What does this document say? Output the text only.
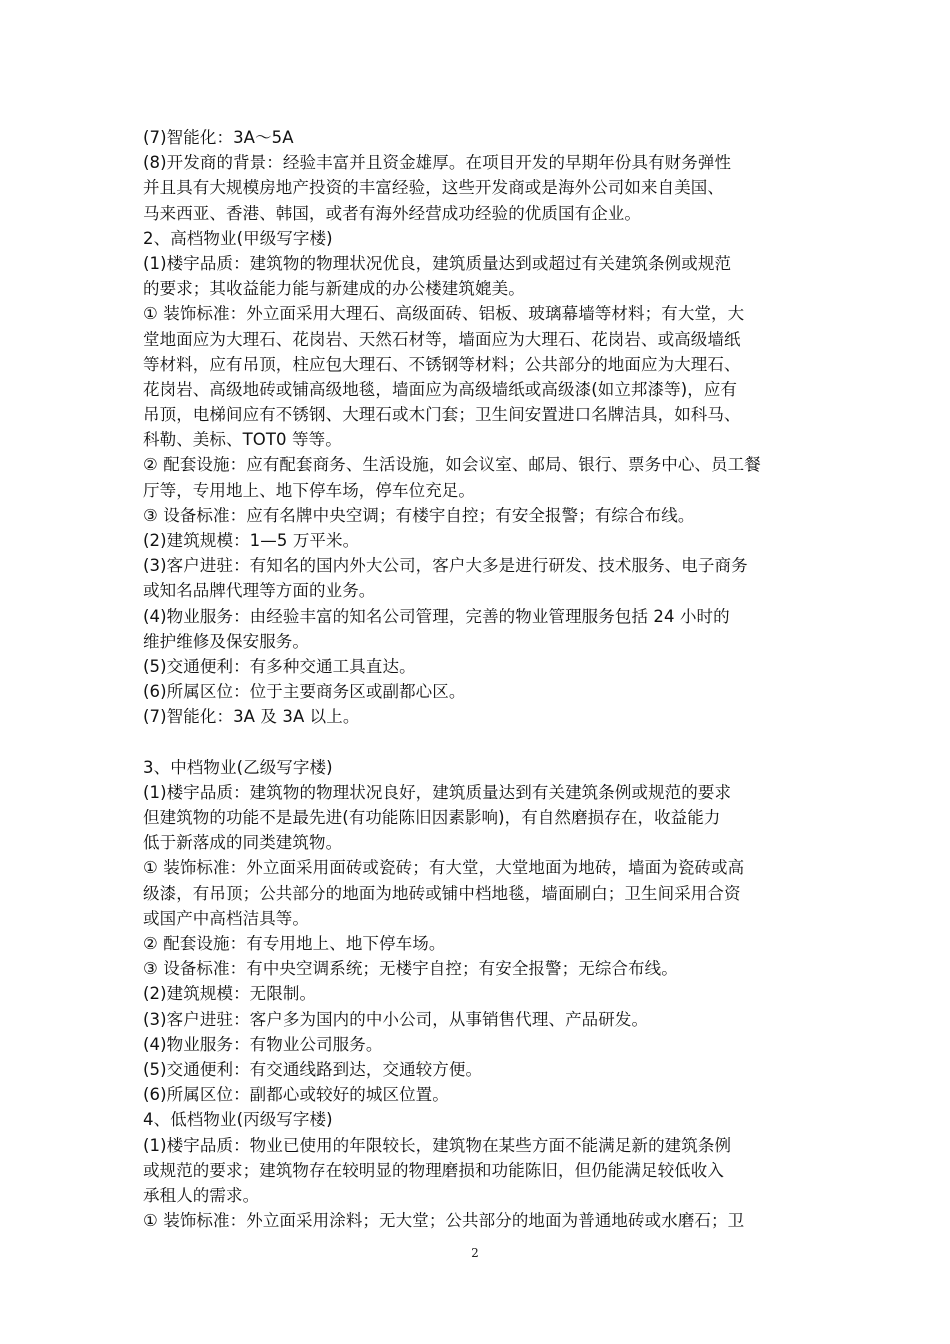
(7)智能化：3A～5A
(8)开发商的背景：经验丰富并且资金雄厚。在项目开发的早期年份具有财务弹性
并且具有大规模房地产投资的丰富经验，这些开发商或是海外公司如来自美国、
马来西亚、香港、韩国，或者有海外经营成功经验的优质国有企业。
2、高档物业(甲级写字楼)
(1)楼宇品质：建筑物的物理状况优良，建筑质量达到或超过有关建筑条例或规范
的要求；其收益能力能与新建成的办公楼建筑媲美。
① 装饰标准：外立面采用大理石、高级面砖、铝板、玻璃幕墙等材料；有大堂，大
堂地面应为大理石、花岗岩、天然石材等，墙面应为大理石、花岗岩、或高级墙纸
等材料，应有吊顶，柱应包大理石、不锈钢等材料；公共部分的地面应为大理石、
花岗岩、高级地砖或铺高级地毯，墙面应为高级墙纸或高级漆(如立邦漆等)，应有
吊顶，电梯间应有不锈钢、大理石或木门套；卫生间安置进口名牌洁具，如科马、
科勒、美标、TOT0 等等。
② 配套设施：应有配套商务、生活设施，如会议室、邮局、银行、票务中心、员工餐
厅等，专用地上、地下停车场，停车位充足。
③ 设备标准：应有名牌中央空调；有楼宇自控；有安全报警；有综合布线。
(2)建筑规模：1—5 万平米。
(3)客户进驻：有知名的国内外大公司，客户大多是进行研发、技术服务、电子商务
或知名品牌代理等方面的业务。
(4)物业服务：由经验丰富的知名公司管理，完善的物业管理服务包括 24 小时的
维护维修及保安服务。
(5)交通便利：有多种交通工具直达。
(6)所属区位：位于主要商务区或副都心区。
(7)智能化：3A 及 3A 以上。
3、中档物业(乙级写字楼)
(1)楼宇品质：建筑物的物理状况良好，建筑质量达到有关建筑条例或规范的要求
但建筑物的功能不是最先进(有功能陈旧因素影响)，有自然磨损存在，收益能力
低于新落成的同类建筑物。
① 装饰标准：外立面采用面砖或瓷砖；有大堂，大堂地面为地砖，墙面为瓷砖或高
级漆，有吊顶；公共部分的地面为地砖或铺中档地毯，墙面刷白；卫生间采用合资
或国产中高档洁具等。
② 配套设施：有专用地上、地下停车场。
③ 设备标准：有中央空调系统；无楼宇自控；有安全报警；无综合布线。
(2)建筑规模：无限制。
(3)客户进驻：客户多为国内的中小公司，从事销售代理、产品研发。
(4)物业服务：有物业公司服务。
(5)交通便利：有交通线路到达，交通较方便。
(6)所属区位：副都心或较好的城区位置。
4、低档物业(丙级写字楼)
(1)楼宇品质：物业已使用的年限较长，建筑物在某些方面不能满足新的建筑条例
或规范的要求；建筑物存在较明显的物理磨损和功能陈旧，但仍能满足较低收入
承租人的需求。
① 装饰标准：外立面采用涂料；无大堂；公共部分的地面为普通地砖或水磨石；卫
2
